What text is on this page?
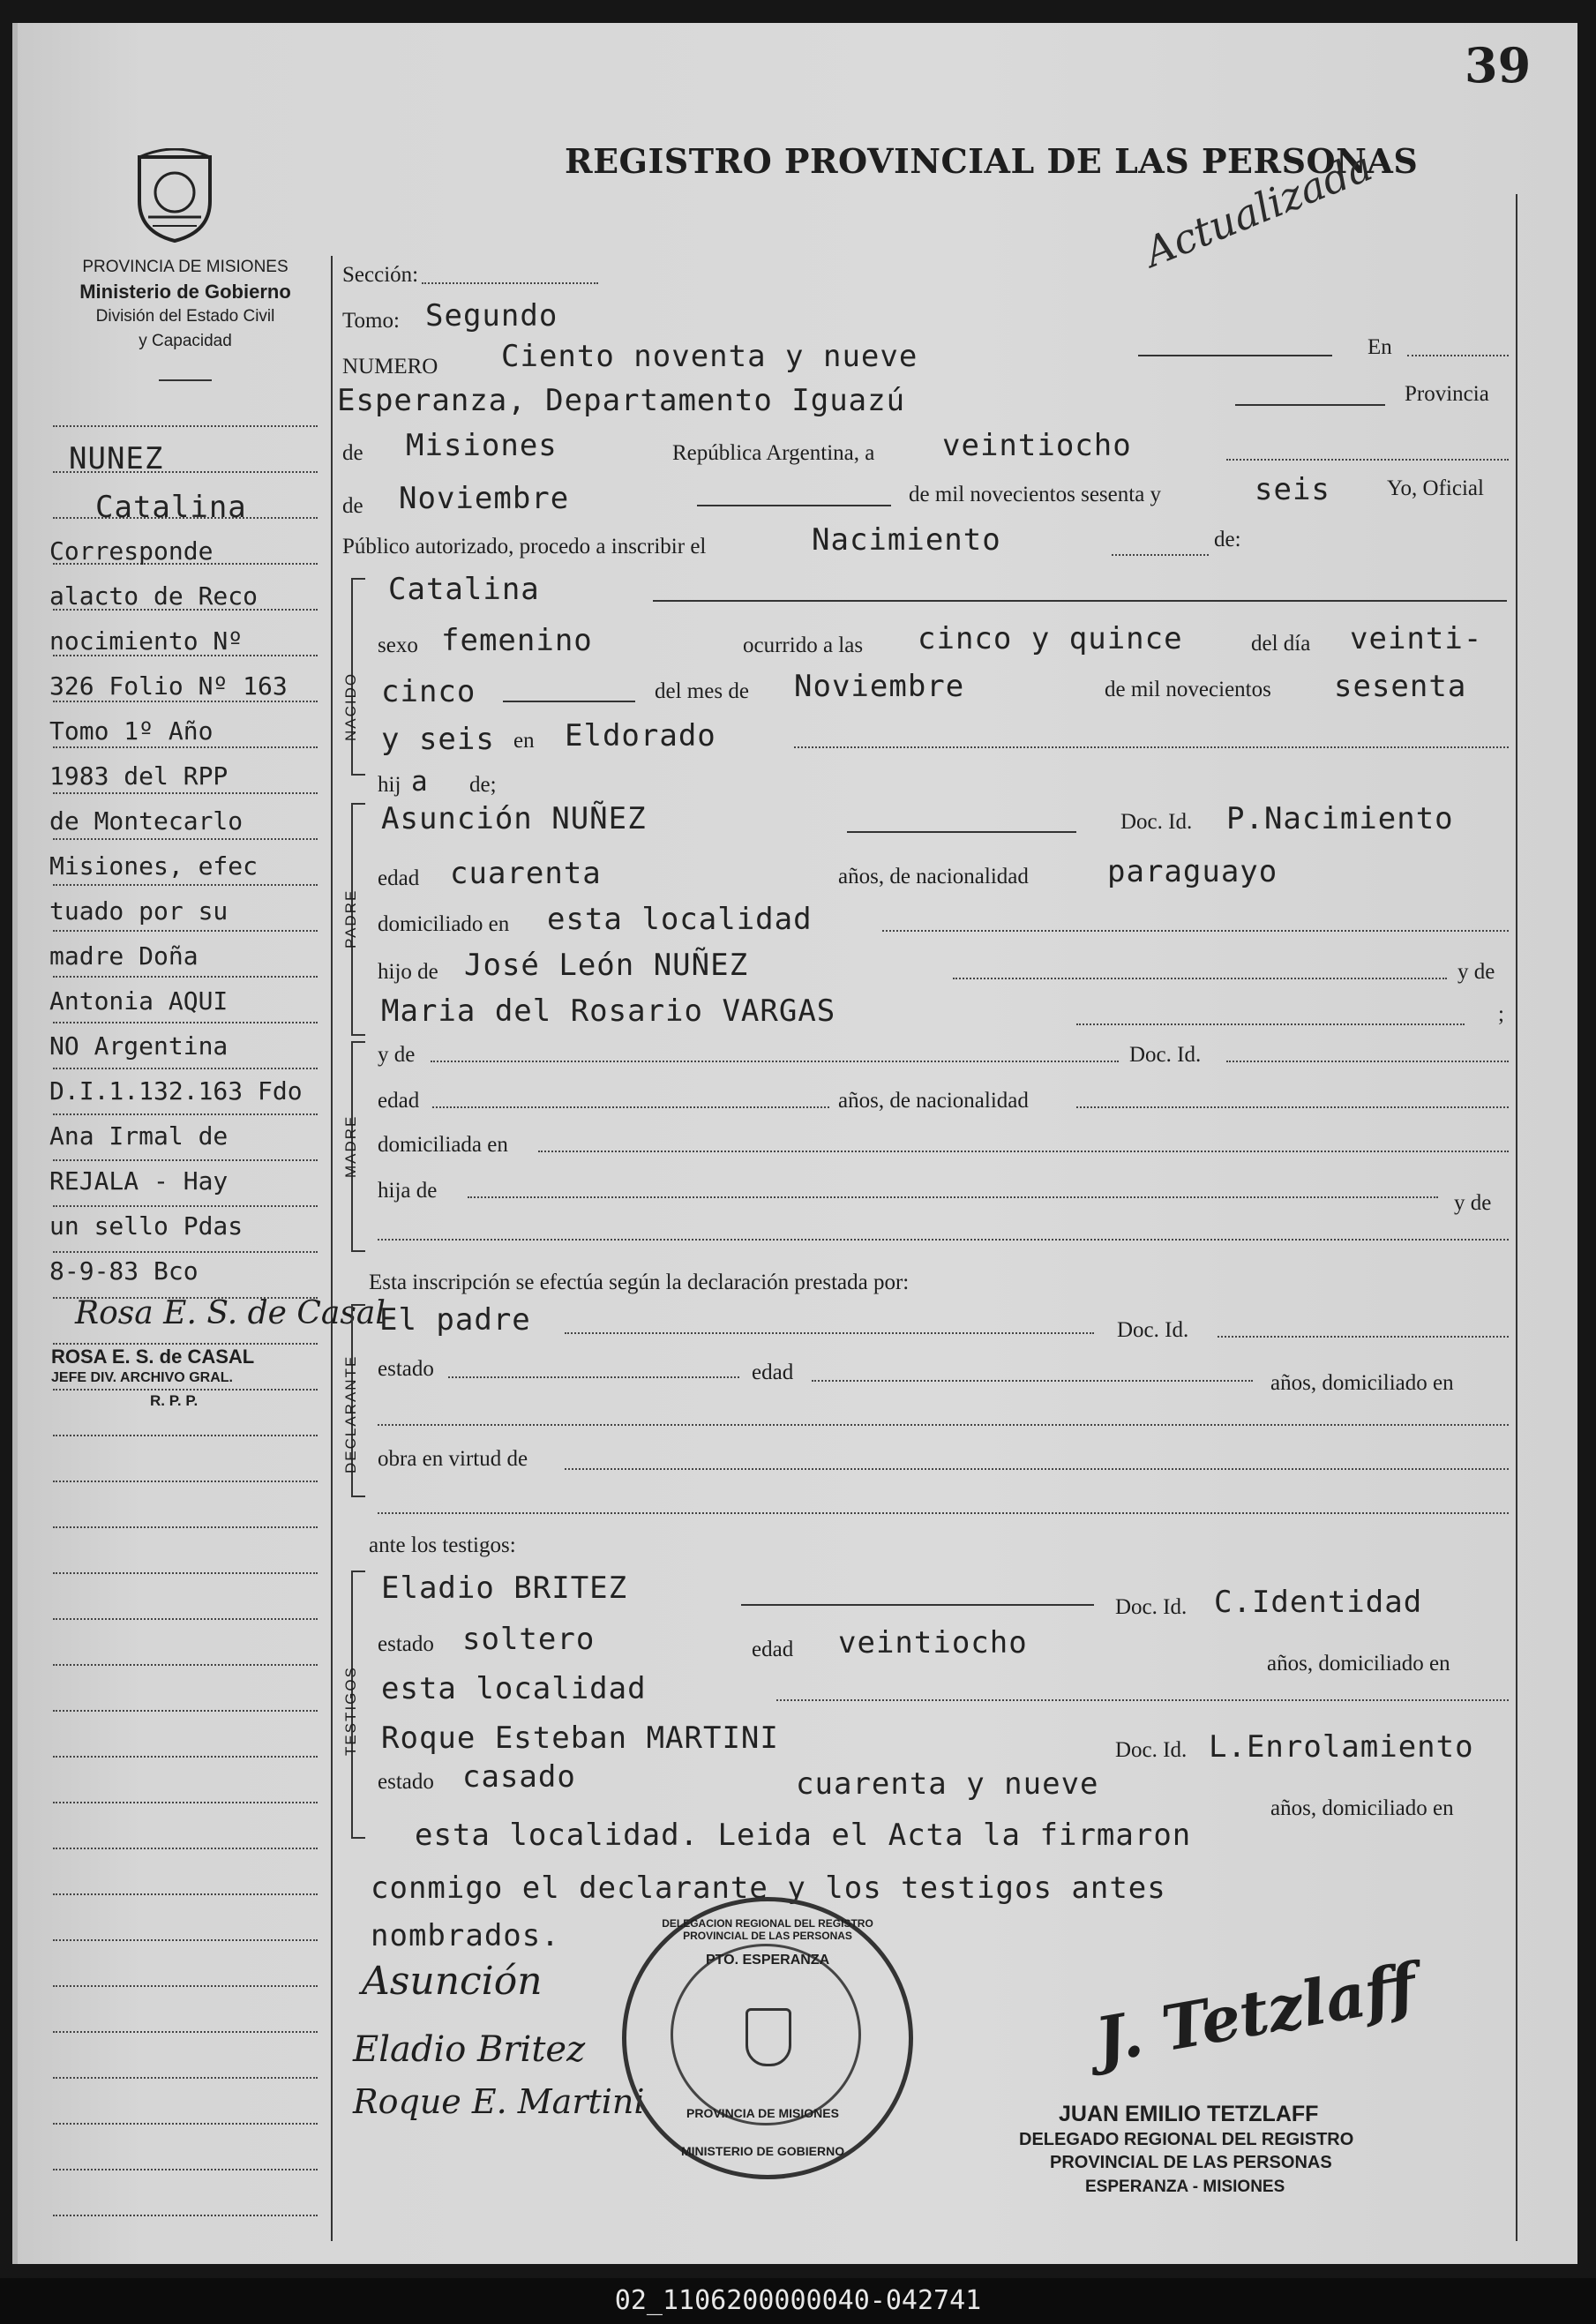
39
REGISTRO PROVINCIAL DE LAS PERSONAS
Actualizada
PROVINCIA DE MISIONES
Ministerio de Gobierno
División del Estado Civil
y Capacidad
NUNEZ
Catalina
Corresponde
alacto de Reco
nocimiento Nº
326 Folio Nº 163
Tomo 1º Año
1983 del RPP
de Montecarlo
Misiones, efec
tuado por su
madre Doña
Antonia AQUI
NO Argentina
D.I.1.132.163 Fdo
Ana Irmal de
REJALA - Hay
un sello Pdas
8-9-83 Bco
Rosa E. S. de Casal
ROSA E. S. de CASAL
JEFE DIV. ARCHIVO GRAL.
R. P. P.
Sección:
Tomo: Segundo
NUMERO Ciento noventa y nueve	En
Esperanza, Departamento Iguazú	Provincia
de Misiones	República Argentina, a veintiocho
de Noviembre	de mil novecientos sesenta y	seis	Yo, Oficial
Público autorizado, procedo a inscribir el	Nacimiento	de:
NACIDO
Catalina
sexo femenino	ocurrido a las cinco y quince	del día veinti-
cinco	del mes de Noviembre	de mil novecientos sesenta
y seis en Eldorado
hij a de;
PADRE
Asunción NUÑEZ	Doc. Id. P.Nacimiento
edad cuarenta	años, de nacionalidad	paraguayo
domiciliado en esta localidad
hijo de José León NUÑEZ	y de
Maria del Rosario VARGAS	;
MADRE
y de	Doc. Id.
edad	años, de nacionalidad
domiciliada en
hija de
y de
Esta inscripción se efectúa según la declaración prestada por:
DECLARANTE
El padre	Doc. Id.
estado	edad	años, domiciliado en
obra en virtud de
ante los testigos:
TESTIGOS
Eladio BRITEZ
Doc. Id. C.Identidad
estado soltero	edad veintiocho
años, domiciliado en
esta localidad
Roque Esteban MARTINI	Doc. Id. L.Enrolamiento
estado casado	cuarenta y nueve
años, domiciliado en
esta localidad. Leida el Acta la firmaron
conmigo el declarante y los testigos antes
nombrados.
Asunción
Eladio Britez
Roque E. Martini
J. Tetzlaff
JUAN EMILIO TETZLAFF
DELEGADO REGIONAL DEL REGISTRO
PROVINCIAL DE LAS PERSONAS
ESPERANZA - MISIONES
DELEGACION REGIONAL DEL REGISTRO PROVINCIAL DE LAS PERSONAS
PTO. ESPERANZA
PROVINCIA DE MISIONES
MINISTERIO DE GOBIERNO
02_1106200000040-042741
